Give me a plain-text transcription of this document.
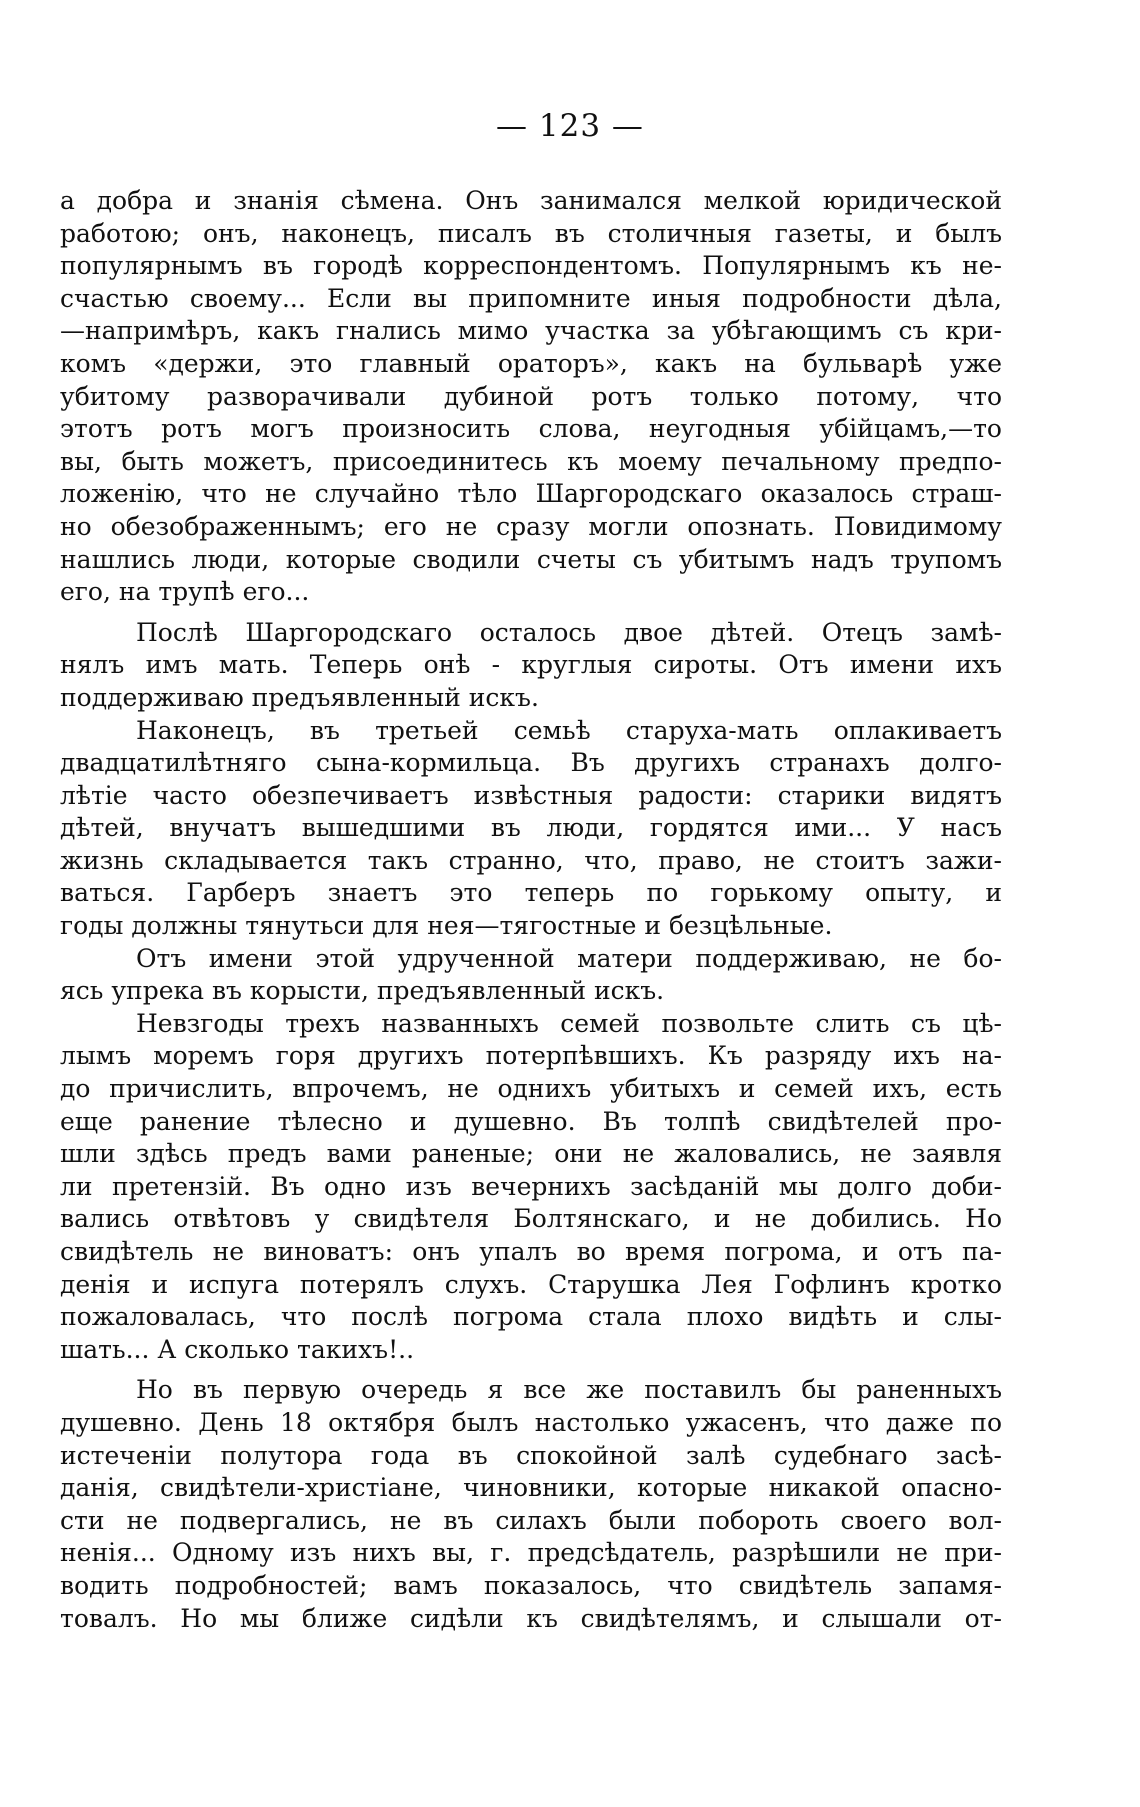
— 123 —
а добра и знанія сѣмена. Онъ занимался мелкой юридической
работою; онъ, наконецъ, писалъ въ столичныя газеты, и былъ
популярнымъ въ городѣ корреспондентомъ. Популярнымъ къ не-
счастью своему... Если вы припомните иныя подробности дѣла,
—напримѣръ, какъ гнались мимо участка за убѣгающимъ съ кри-
комъ «держи, это главный ораторъ», какъ на бульварѣ уже
убитому разворачивали дубиной ротъ только потому, что
этотъ ротъ могъ произносить слова, неугодныя убійцамъ,—то
вы, быть можетъ, присоединитесь къ моему печальному предпо-
ложенію, что не случайно тѣло Шаргородскаго оказалось страш-
но обезображеннымъ; его не сразу могли опознать. Повидимому
нашлись люди, которые сводили счеты съ убитымъ надъ трупомъ
его, на трупѣ его...
Послѣ Шаргородскаго осталось двое дѣтей. Отецъ замѣ-
нялъ имъ мать. Теперь онѣ - круглыя сироты. Отъ имени ихъ
поддерживаю предъявленный искъ.
Наконецъ, въ третьей семьѣ старуха-мать оплакиваетъ
двадцатилѣтняго сына-кормильца. Въ другихъ странахъ долго-
лѣтіе часто обезпечиваетъ извѣстныя радости: старики видятъ
дѣтей, внучатъ вышедшими въ люди, гордятся ими... У насъ
жизнь складывается такъ странно, что, право, не стоитъ зажи-
ваться. Гарберъ знаетъ это теперь по горькому опыту, и
годы должны тянутьси для нея—тягостные и безцѣльные.
Отъ имени этой удрученной матери поддерживаю, не бо-
ясь упрека въ корысти, предъявленный искъ.
Невзгоды трехъ названныхъ семей позвольте слить съ цѣ-
лымъ моремъ горя другихъ потерпѣвшихъ. Къ разряду ихъ на-
до причислить, впрочемъ, не однихъ убитыхъ и семей ихъ, есть
еще ранение тѣлесно и душевно. Въ толпѣ свидѣтелей про-
шли здѣсь предъ вами раненые; они не жаловались, не заявля
ли претензій. Въ одно изъ вечернихъ засѣданій мы долго доби-
вались отвѣтовъ у свидѣтеля Болтянскаго, и не добились. Но
свидѣтель не виноватъ: онъ упалъ во время погрома, и отъ па-
денія и испуга потерялъ слухъ. Старушка Лея Гофлинъ кротко
пожаловалась, что послѣ погрома стала плохо видѣть и слы-
шать... А сколько такихъ!..
Но въ первую очередь я все же поставилъ бы раненныхъ
душевно. День 18 октября былъ настолько ужасенъ, что даже по
истеченіи полутора года въ спокойной залѣ судебнаго засѣ-
данія, свидѣтели-христіане, чиновники, которые никакой опасно-
сти не подвергались, не въ силахъ были побороть своего вол-
ненія... Одному изъ нихъ вы, г. предсѣдатель, разрѣшили не при-
водить подробностей; вамъ показалось, что свидѣтель запамя-
товалъ. Но мы ближе сидѣли къ свидѣтелямъ, и слышали от-
